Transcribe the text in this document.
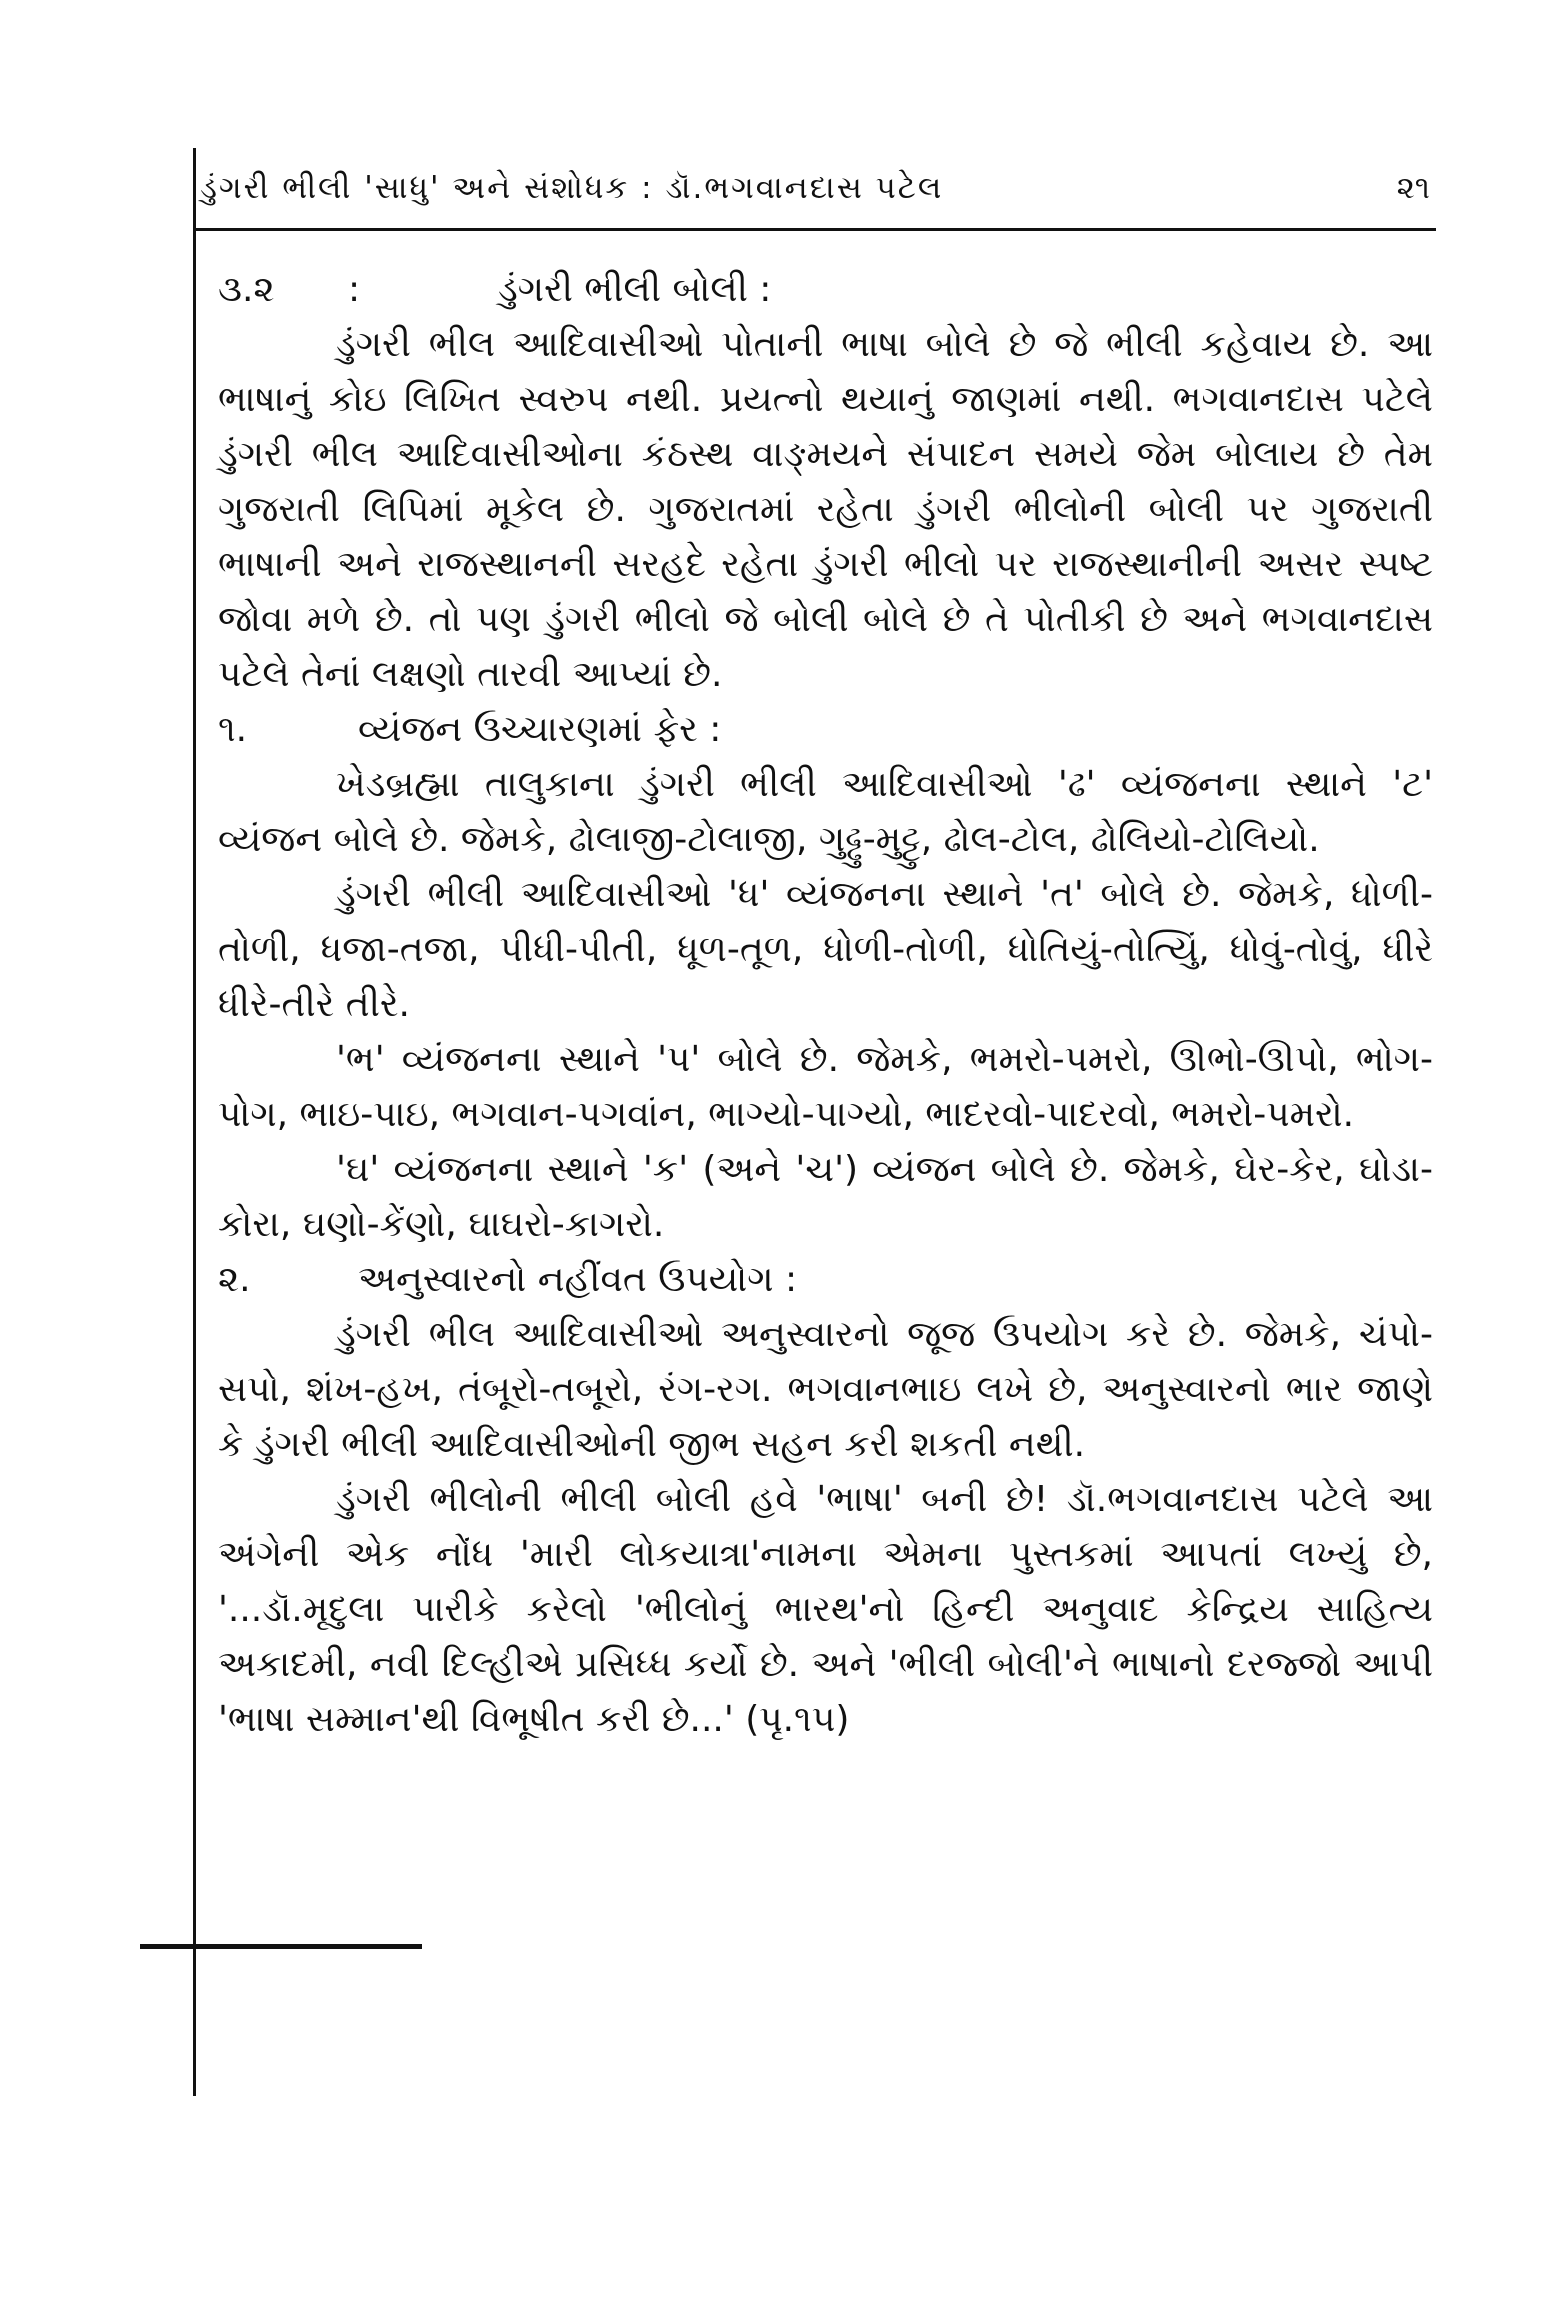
ડુંગરી ભીલી 'સાધુ' અને સંશોધક : ડૉ.ભગવાનદાસ પટેલ	૨૧

૩.૨ :	ડુંગરી ભીલી બોલી :

ડુંગરી ભીલ આદિવાસીઓ પોતાની ભાષા બોલે છે જે ભીલી કહેવાય છે. આ ભાષાનું કોઇ લિખિત સ્વરુપ નથી. પ્રયત્નો થયાનું જાણમાં નથી. ભગવાનદાસ પટેલે ડુંગરી ભીલ આદિવાસીઓના કંઠસ્થ વાઙ્મયને સંપાદન સમયે જેમ બોલાય છે તેમ ગુજરાતી લિપિમાં મૂકેલ છે. ગુજરાતમાં રહેતા ડુંગરી ભીલોની બોલી પર ગુજરાતી ભાષાની અને રાજસ્થાનની સરહદે રહેતા ડુંગરી ભીલો પર રાજસ્થાનીની અસર સ્પષ્ટ જોવા મળે છે. તો પણ ડુંગરી ભીલો જે બોલી બોલે છે તે પોતીકી છે અને ભગવાનદાસ પટેલે તેનાં લક્ષણો તારવી આપ્યાં છે.

૧.	વ્યંજન ઉચ્ચારણમાં ફેર :

ખેડબ્રહ્મા તાલુકાના ડુંગરી ભીલી આદિવાસીઓ 'ઢ' વ્યંજનના સ્થાને 'ટ' વ્યંજન બોલે છે. જેમકે, ઢોલાજી-ટોલાજી, ગુઢ્ઢુ-મુટ્ટુ, ઢોલ-ટોલ, ઢોલિયો-ટોલિયો.

ડુંગરી ભીલી આદિવાસીઓ 'ધ' વ્યંજનના સ્થાને 'ત' બોલે છે. જેમકે, ધોળી-તોળી, ધજા-તજા, પીધી-પીતી, ધૂળ-તૂળ, ધોળી-તોળી, ધોતિયું-તોત્યિું, ધોવું-તોવું, ધીરે ધીરે-તીરે તીરે.

'ભ' વ્યંજનના સ્થાને 'પ' બોલે છે. જેમકે, ભમરો-પમરો, ઊભો-ઊપો, ભોગ-પોગ, ભાઇ-પાઇ, ભગવાન-પગવાંન, ભાગ્યો-પાગ્યો, ભાદરવો-પાદરવો, ભમરો-પમરો.

'ઘ' વ્યંજનના સ્થાને 'ક' (અને 'ચ') વ્યંજન બોલે છે. જેમકે, ઘેર-કેર, ઘોડા-કોરા, ઘણો-કેંણો, ઘાઘરો-કાગરો.

૨.	અનુસ્વારનો નહીંવત ઉપયોગ :

ડુંગરી ભીલ આદિવાસીઓ અનુસ્વારનો જૂજ ઉપયોગ કરે છે. જેમકે, ચંપો-સપો, શંખ-હખ, તંબૂરો-તબૂરો, રંગ-રગ. ભગવાનભાઇ લખે છે, અનુસ્વારનો ભાર જાણે કે ડુંગરી ભીલી આદિવાસીઓની જીભ સહન કરી શકતી નથી.

ડુંગરી ભીલોની ભીલી બોલી હવે 'ભાષા' બની છે! ડૉ.ભગવાનદાસ પટેલે આ અંગેની એક નોંધ 'મારી લોકયાત્રા'નામના એમના પુસ્તકમાં આપતાં લખ્યું છે, '...ડૉ.મૃદુલા પારીકે કરેલો 'ભીલોનું ભારથ'નો હિન્દી અનુવાદ કેન્દ્રિય સાહિત્ય અકાદમી, નવી દિલ્હીએ પ્રસિધ્ધ કર્યો છે. અને 'ભીલી બોલી'ને ભાષાનો દરજ્જો આપી 'ભાષા સમ્માન'થી વિભૂષીત કરી છે...' (પૃ.૧૫)
